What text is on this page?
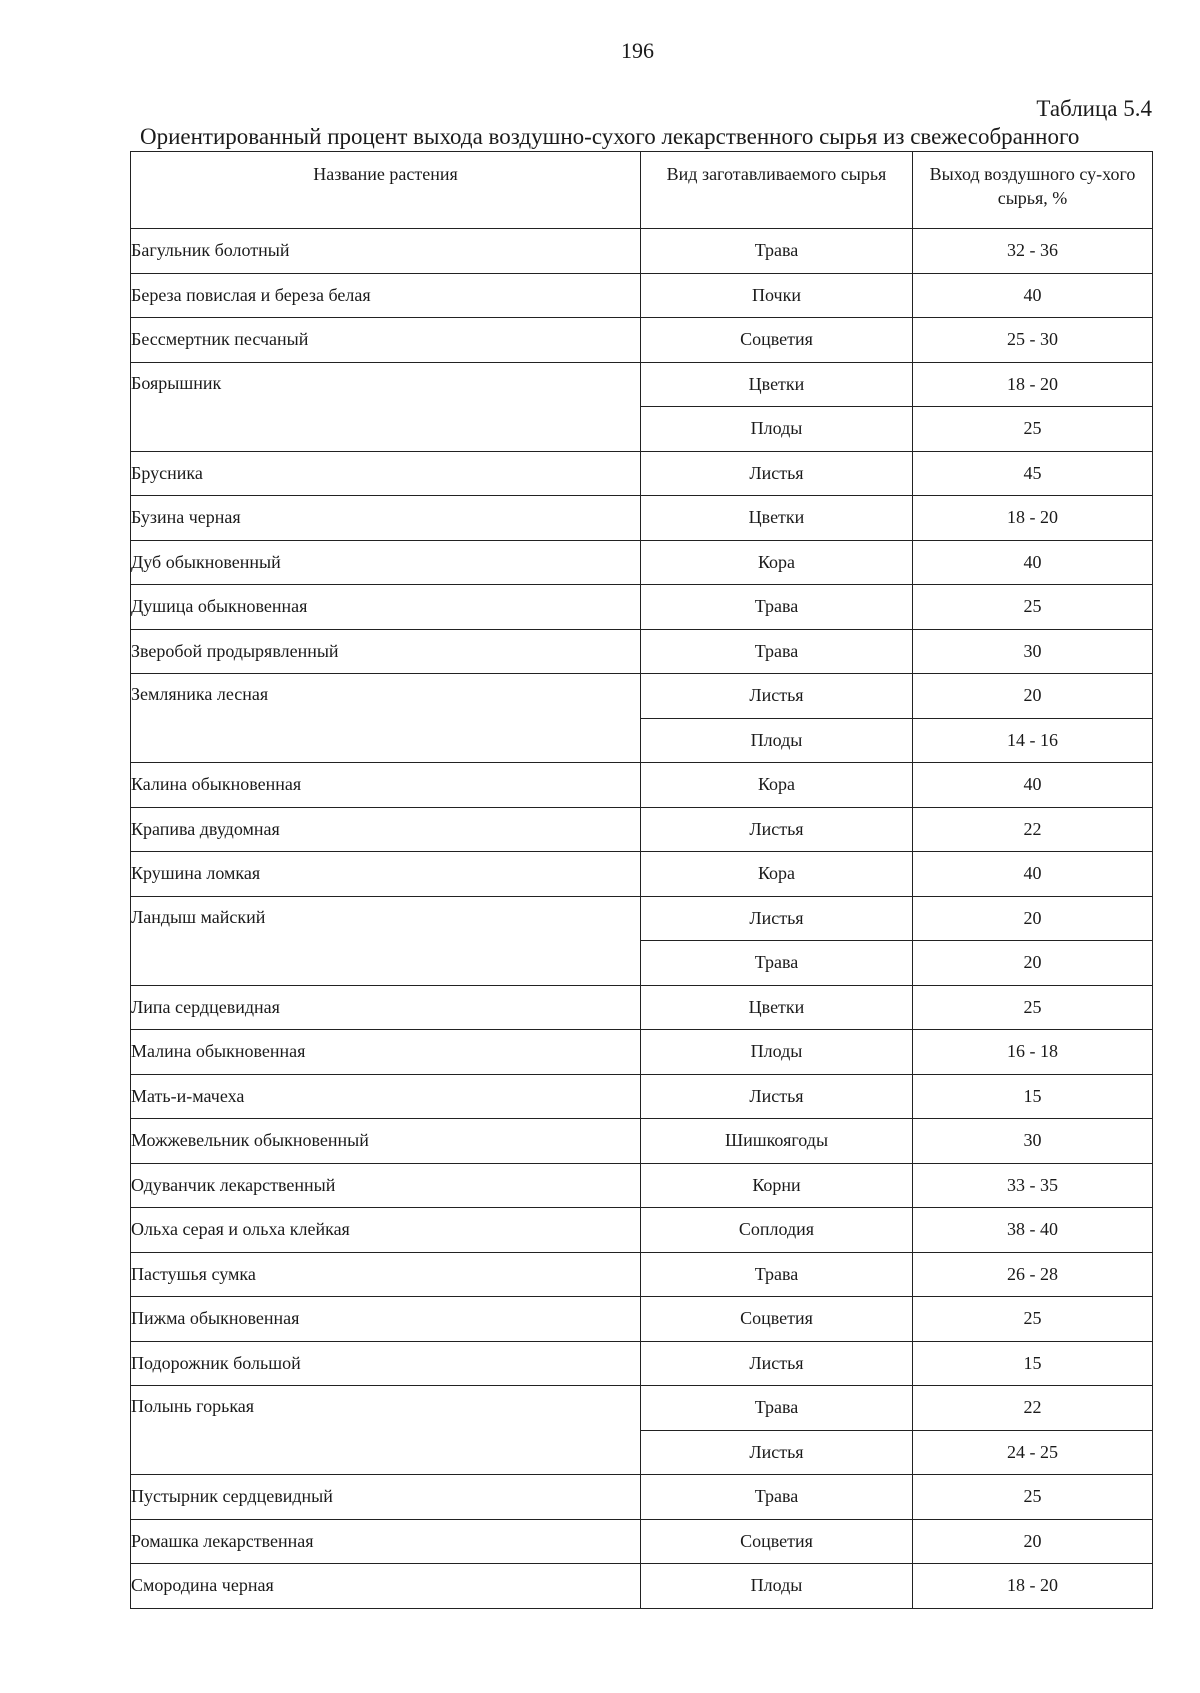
196
Таблица 5.4
Ориентированный процент выхода воздушно-сухого лекарственного сырья из свежесобранного
Название растения	Вид заготавливаемого сырья	Выход воздушного су-хого сырья, %
Багульник болотный	Трава	32 - 36
Береза повислая и береза белая	Почки	40
Бессмертник песчаный	Соцветия	25 - 30
Боярышник	Цветки	18 - 20
	Плоды	25
Брусника	Листья	45
Бузина черная	Цветки	18 - 20
Дуб обыкновенный	Кора	40
Душица обыкновенная	Трава	25
Зверобой продырявленный	Трава	30
Земляника лесная	Листья	20
	Плоды	14 - 16
Калина обыкновенная	Кора	40
Крапива двудомная	Листья	22
Крушина ломкая	Кора	40
Ландыш майский	Листья	20
	Трава	20
Липа сердцевидная	Цветки	25
Малина обыкновенная	Плоды	16 - 18
Мать-и-мачеха	Листья	15
Можжевельник обыкновенный	Шишкоягоды	30
Одуванчик лекарственный	Корни	33 - 35
Ольха серая и ольха клейкая	Соплодия	38 - 40
Пастушья сумка	Трава	26 - 28
Пижма обыкновенная	Соцветия	25
Подорожник большой	Листья	15
Полынь горькая	Трава	22
	Листья	24 - 25
Пустырник сердцевидный	Трава	25
Ромашка лекарственная	Соцветия	20
Смородина черная	Плоды	18 - 20
